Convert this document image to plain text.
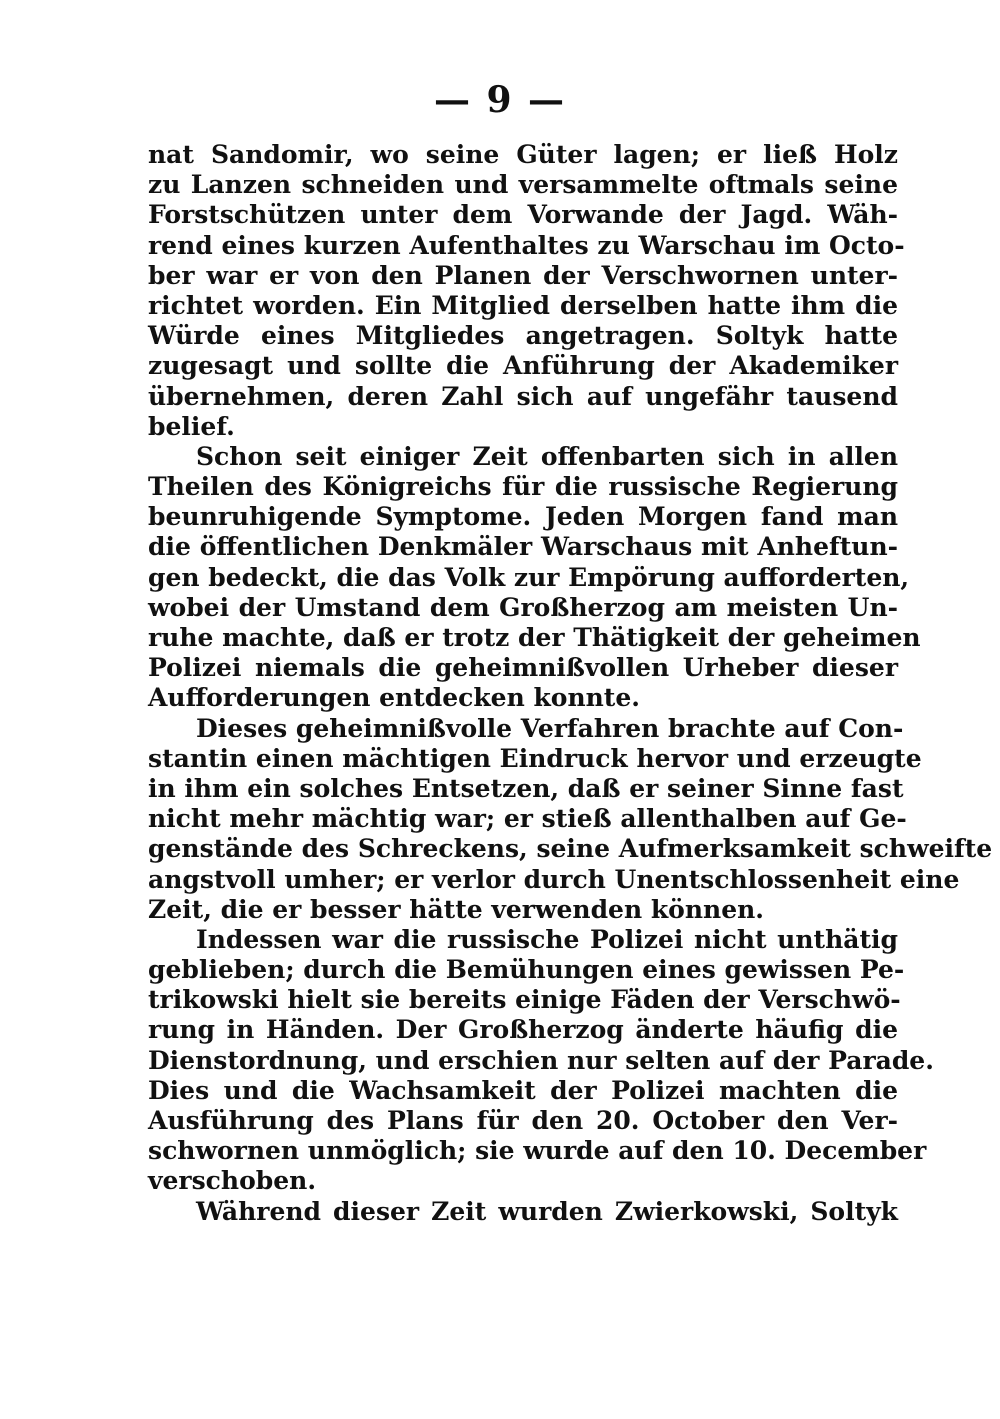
— 9 —
nat Sandomir, wo seine Güter lagen; er ließ Holz
zu Lanzen schneiden und versammelte oftmals seine
Forstschützen unter dem Vorwande der Jagd. Wäh-
rend eines kurzen Aufenthaltes zu Warschau im Octo-
ber war er von den Planen der Verschwornen unter-
richtet worden. Ein Mitglied derselben hatte ihm die
Würde eines Mitgliedes angetragen. Soltyk hatte
zugesagt und sollte die Anführung der Akademiker
übernehmen, deren Zahl sich auf ungefähr tausend
belief.
Schon seit einiger Zeit offenbarten sich in allen
Theilen des Königreichs für die russische Regierung
beunruhigende Symptome. Jeden Morgen fand man
die öffentlichen Denkmäler Warschaus mit Anheftun-
gen bedeckt, die das Volk zur Empörung aufforderten,
wobei der Umstand dem Großherzog am meisten Un-
ruhe machte, daß er trotz der Thätigkeit der geheimen
Polizei niemals die geheimnißvollen Urheber dieser
Aufforderungen entdecken konnte.
Dieses geheimnißvolle Verfahren brachte auf Con-
stantin einen mächtigen Eindruck hervor und erzeugte
in ihm ein solches Entsetzen, daß er seiner Sinne fast
nicht mehr mächtig war; er stieß allenthalben auf Ge-
genstände des Schreckens, seine Aufmerksamkeit schweifte
angstvoll umher; er verlor durch Unentschlossenheit eine
Zeit, die er besser hätte verwenden können.
Indessen war die russische Polizei nicht unthätig
geblieben; durch die Bemühungen eines gewissen Pe-
trikowski hielt sie bereits einige Fäden der Verschwö-
rung in Händen. Der Großherzog änderte häufig die
Dienstordnung, und erschien nur selten auf der Parade.
Dies und die Wachsamkeit der Polizei machten die
Ausführung des Plans für den 20. October den Ver-
schwornen unmöglich; sie wurde auf den 10. December
verschoben.
Während dieser Zeit wurden Zwierkowski, Soltyk
